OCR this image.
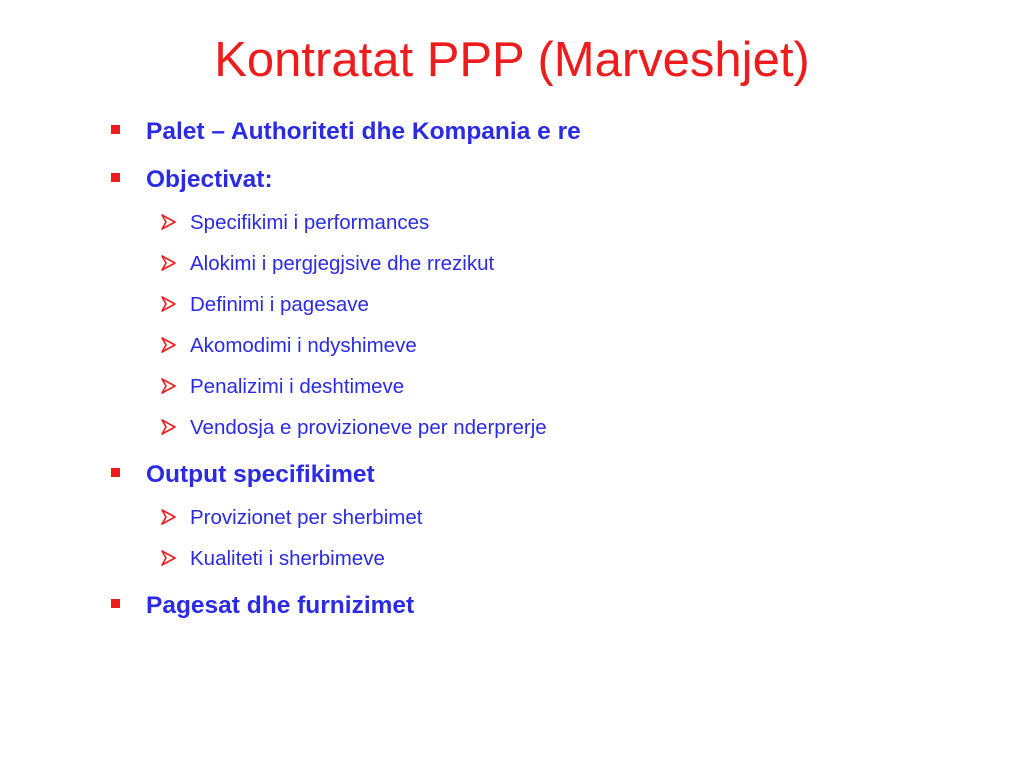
Kontratat PPP (Marveshjet)
Palet – Authoriteti dhe Kompania e re
Objectivat:
Specifikimi i performances
Alokimi i pergjegjsive dhe rrezikut
Definimi i pagesave
Akomodimi i ndyshimeve
Penalizimi i deshtimeve
Vendosja e provizioneve per nderprerje
Output specifikimet
Provizionet per sherbimet
Kualiteti i sherbimeve
Pagesat dhe furnizimet
